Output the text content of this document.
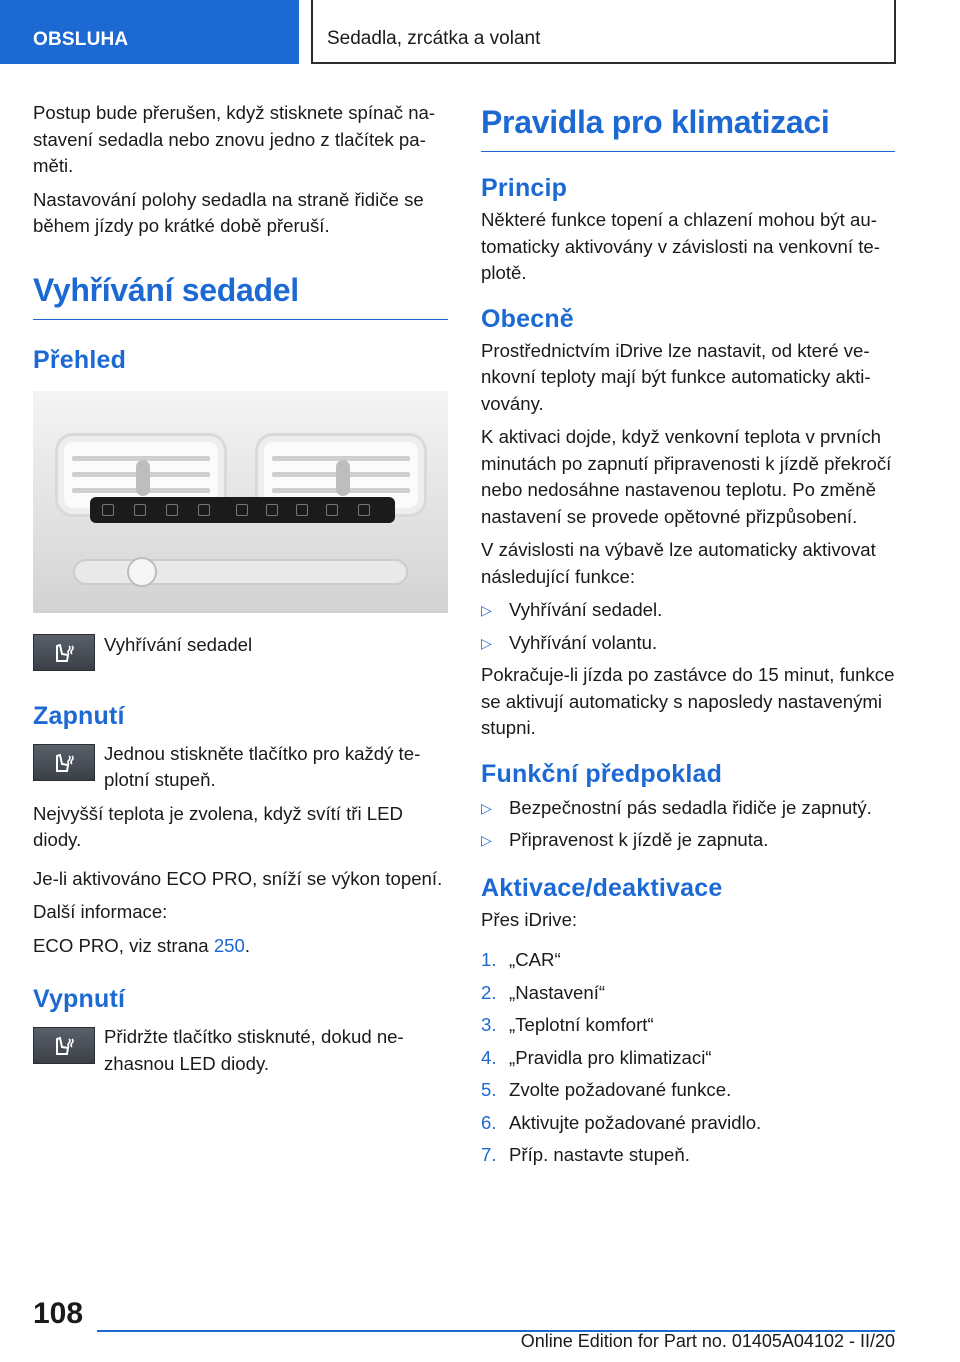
OBSLUHA	Sedadla, zrcátka a volant

Postup bude přerušen, když stisknete spínač nastavení sedadla nebo znovu jedno z tlačítek paměti.

Nastavování polohy sedadla na straně řidiče se během jízdy po krátké době přeruší.

Vyhřívání sedadel
Přehled

Vyhřívání sedadel

Zapnutí

Jednou stiskněte tlačítko pro každý teplotní stupeň.

Nejvyšší teplota je zvolena, když svítí tři LED diody.

Je-li aktivováno ECO PRO, sníží se výkon topení.

Další informace:

ECO PRO, viz strana 250.

Vypnutí

Přidržte tlačítko stisknuté, dokud nezhasnou LED diody.

Pravidla pro klimatizaci
Princip

Některé funkce topení a chlazení mohou být automaticky aktivovány v závislosti na venkovní teplotě.

Obecně

Prostřednictvím iDrive lze nastavit, od které venkovní teploty mají být funkce automaticky aktivovány.

K aktivaci dojde, když venkovní teplota v prvních minutách po zapnutí připravenosti k jízdě překročí nebo nedosáhne nastavenou teplotu. Po změně nastavení se provede opětovné přizpůsobení.

V závislosti na výbavě lze automaticky aktivovat následující funkce:

▷ Vyhřívání sedadel.
▷ Vyhřívání volantu.

Pokračuje-li jízda po zastávce do 15 minut, funkce se aktivují automaticky s naposledy nastavenými stupni.

Funkční předpoklad
▷ Bezpečnostní pás sedadla řidiče je zapnutý.
▷ Připravenost k jízdě je zapnuta.
Aktivace/deaktivace

Přes iDrive:

1. „CAR“
2. „Nastavení“
3. „Teplotní komfort“
4. „Pravidla pro klimatizaci“
5. Zvolte požadované funkce.
6. Aktivujte požadované pravidlo.
7. Příp. nastavte stupeň.
108
Online Edition for Part no. 01405A04102 - II/20
